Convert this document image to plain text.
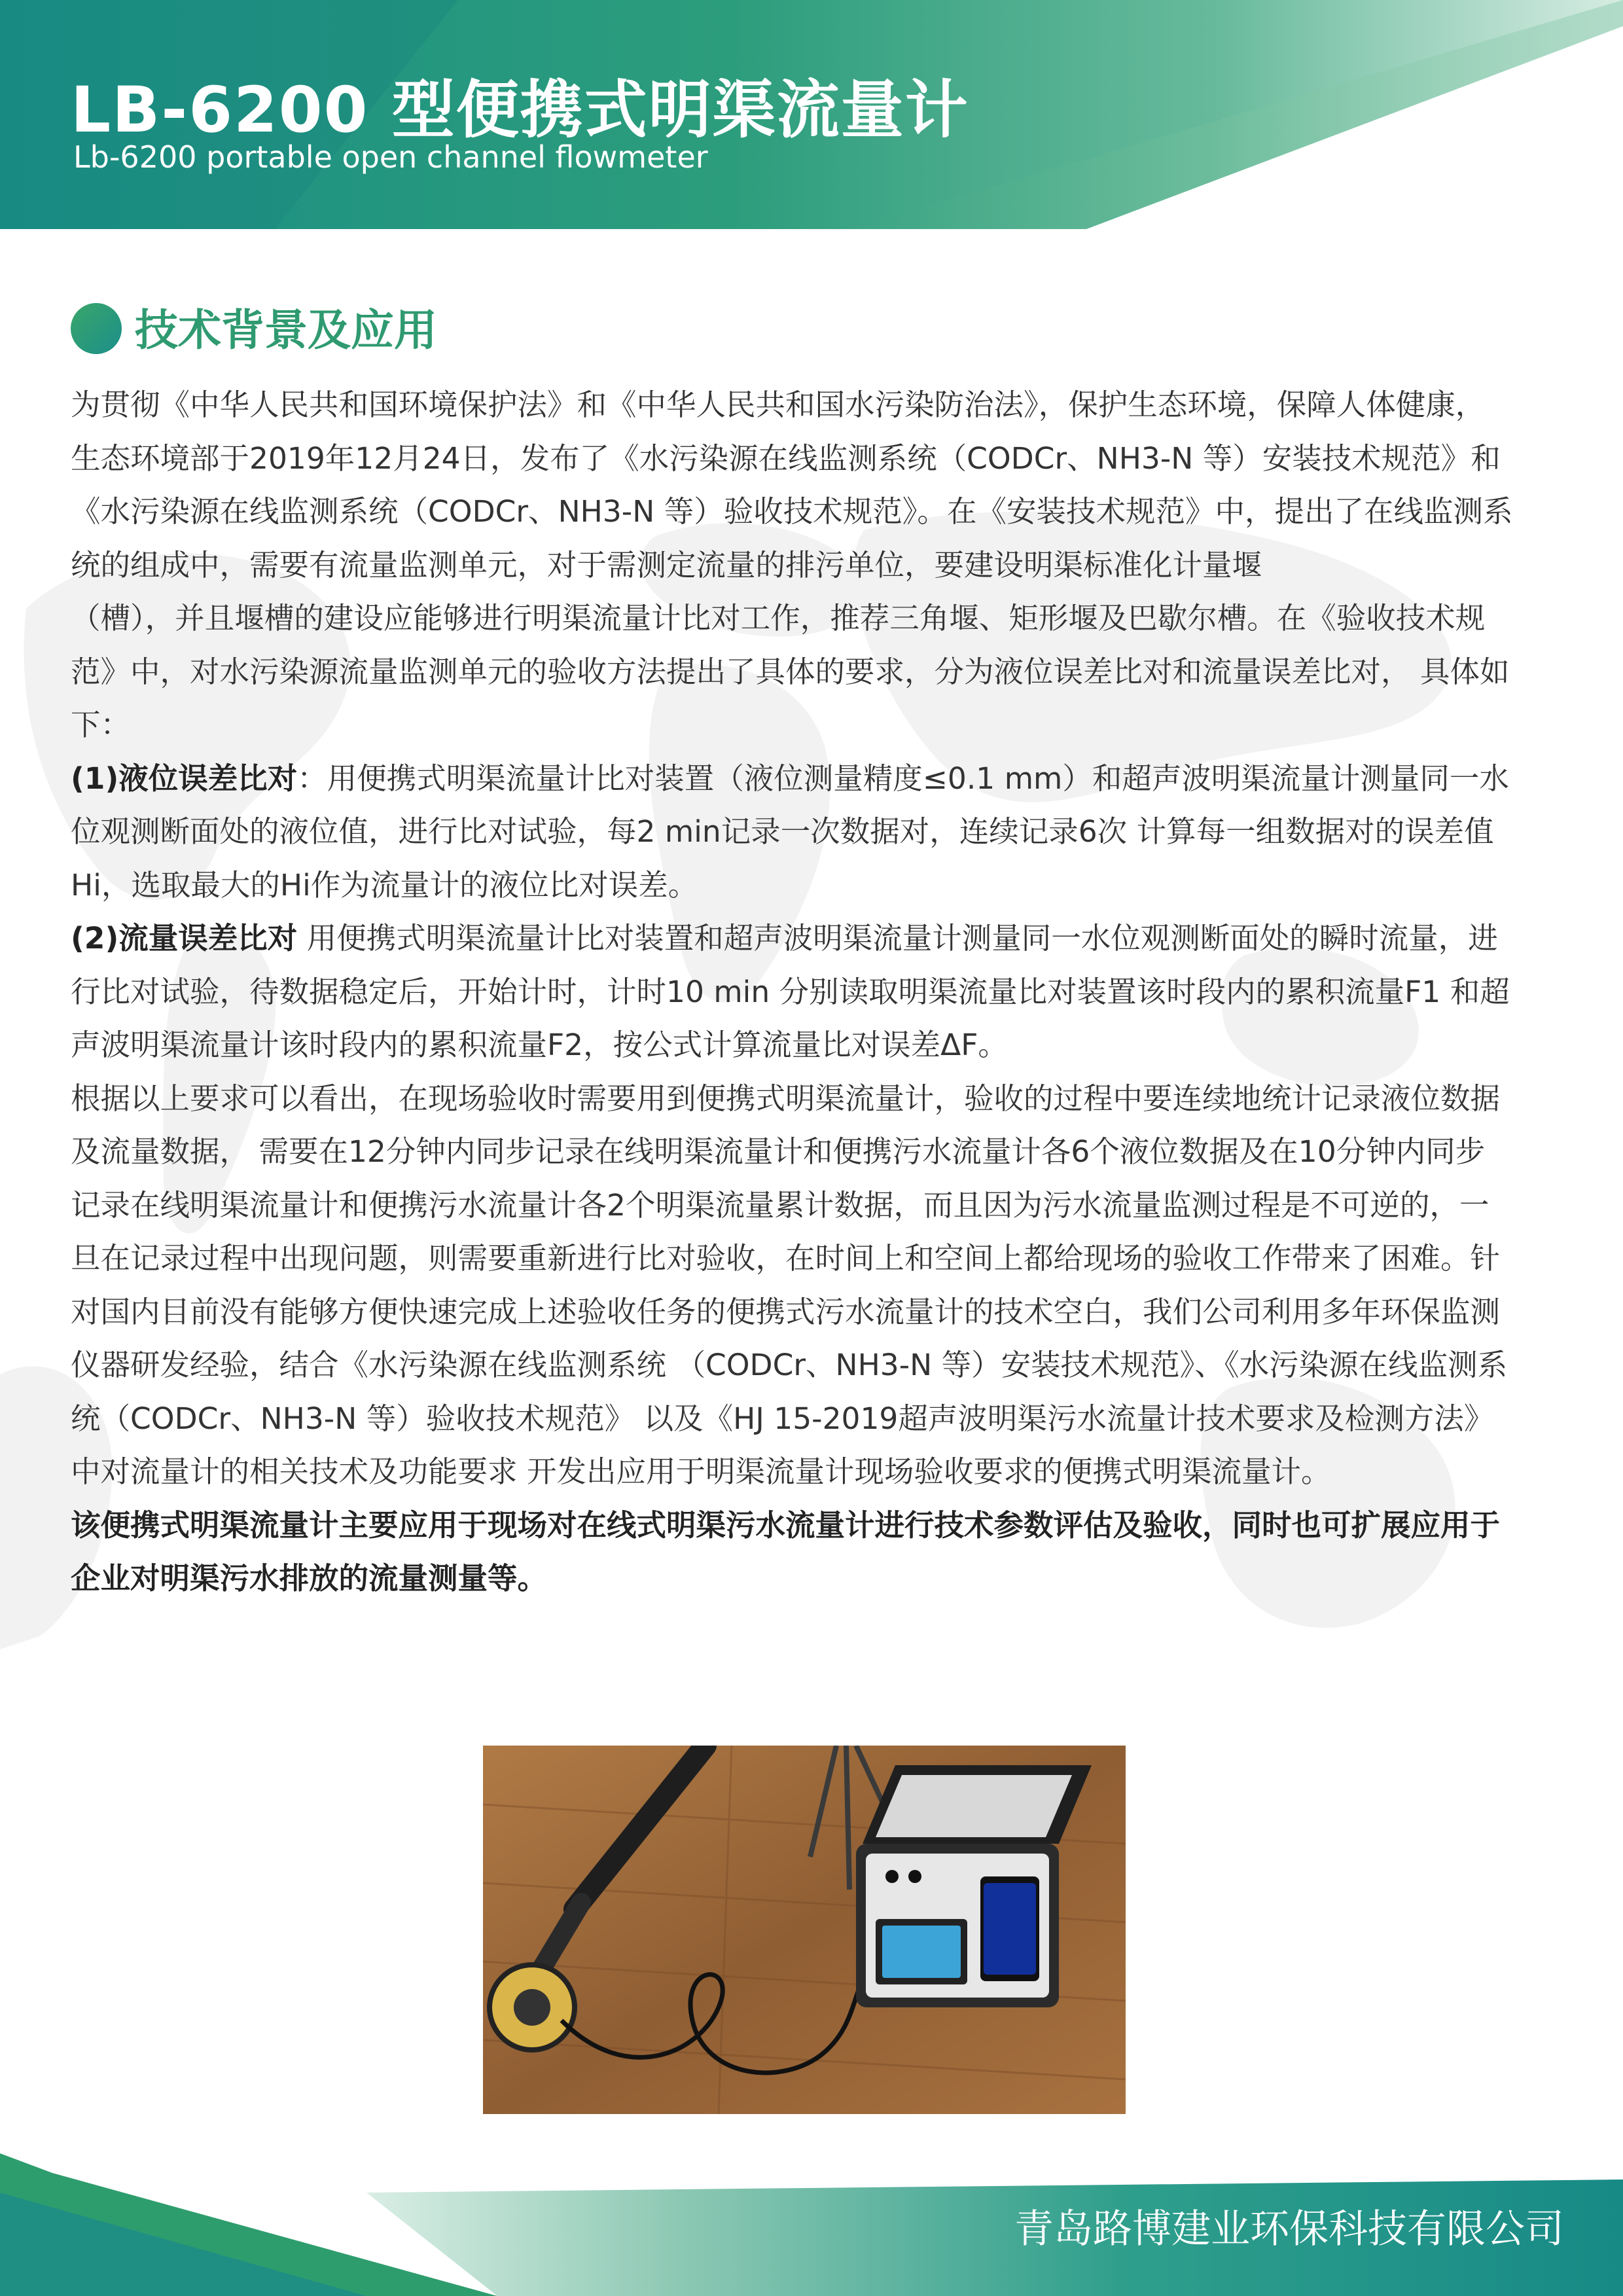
LB-6200 型便携式明渠流量计

Lb-6200 portable open channel flowmeter

技术背景及应用

为贯彻《中华人民共和国环境保护法》和《中华人民共和国水污染防治法》，保护生态环境，保障人体健康，生态环境部于2019年12月24日，发布了《水污染源在线监测系统（CODCr、NH3-N 等）安装技术规范》和《水污染源在线监测系统（CODCr、NH3-N 等）验收技术规范》。在《安装技术规范》中，提出了在线监测系统的组成中，需要有流量监测单元，对于需测定流量的排污单位，要建设明渠标准化计量堰

（槽），并且堰槽的建设应能够进行明渠流量计比对工作，推荐三角堰、矩形堰及巴歇尔槽。在《验收技术规范》中，对水污染源流量监测单元的验收方法提出了具体的要求，分为液位误差比对和流量误差比对， 具体如下：

(1)液位误差比对：用便携式明渠流量计比对装置（液位测量精度≤0.1 mm）和超声波明渠流量计测量同一水位观测断面处的液位值，进行比对试验，每2 min记录一次数据对，连续记录6次 计算每一组数据对的误差值Hi，选取最大的Hi作为流量计的液位比对误差。

(2)流量误差比对 用便携式明渠流量计比对装置和超声波明渠流量计测量同一水位观测断面处的瞬时流量，进行比对试验，待数据稳定后，开始计时，计时10 min 分别读取明渠流量比对装置该时段内的累积流量F1 和超声波明渠流量计该时段内的累积流量F2，按公式计算流量比对误差ΔF。

根据以上要求可以看出，在现场验收时需要用到便携式明渠流量计，验收的过程中要连续地统计记录液位数据及流量数据， 需要在12分钟内同步记录在线明渠流量计和便携污水流量计各6个液位数据及在10分钟内同步记录在线明渠流量计和便携污水流量计各2个明渠流量累计数据，而且因为污水流量监测过程是不可逆的，一旦在记录过程中出现问题，则需要重新进行比对验收，在时间上和空间上都给现场的验收工作带来了困难。针对国内目前没有能够方便快速完成上述验收任务的便携式污水流量计的技术空白，我们公司利用多年环保监测仪器研发经验，结合《水污染源在线监测系统 （CODCr、NH3-N 等）安装技术规范》、《水污染源在线监测系统（CODCr、NH3-N 等）验收技术规范》 以及《HJ 15-2019超声波明渠污水流量计技术要求及检测方法》中对流量计的相关技术及功能要求 开发出应用于明渠流量计现场验收要求的便携式明渠流量计。

该便携式明渠流量计主要应用于现场对在线式明渠污水流量计进行技术参数评估及验收，同时也可扩展应用于企业对明渠污水排放的流量测量等。

青岛路博建业环保科技有限公司
